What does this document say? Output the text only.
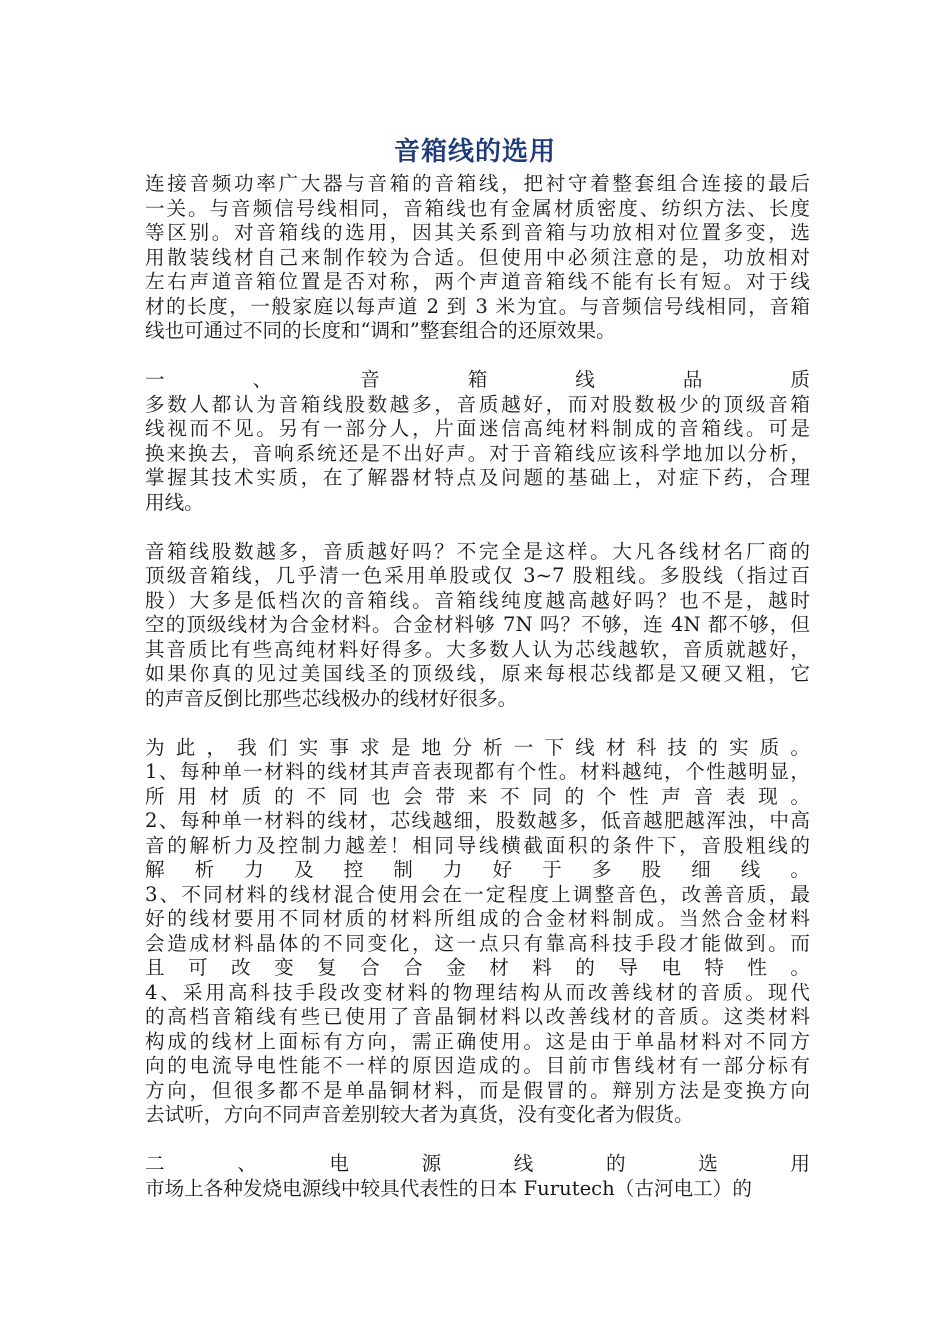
音箱线的选用
连接音频功率广大器与音箱的音箱线，把衬守着整套组合连接的最后
一关。与音频信号线相同，音箱线也有金属材质密度、纺织方法、长度
等区别。对音箱线的选用，因其关系到音箱与功放相对位置多变，选
用散装线材自己来制作较为合适。但使用中必须注意的是，功放相对
左右声道音箱位置是否对称，两个声道音箱线不能有长有短。对于线
材的长度，一般家庭以每声道 2 到 3 米为宜。与音频信号线相同，音箱
线也可通过不同的长度和“调和”整套组合的还原效果。
一、音箱线品质
多数人都认为音箱线股数越多，音质越好，而对股数极少的顶级音箱
线视而不见。另有一部分人，片面迷信高纯材料制成的音箱线。可是
换来换去，音响系统还是不出好声。对于音箱线应该科学地加以分析，
掌握其技术实质，在了解器材特点及问题的基础上，对症下药，合理
用线。
音箱线股数越多，音质越好吗？不完全是这样。大凡各线材名厂商的
顶级音箱线，几乎清一色采用单股或仅 3~7 股粗线。多股线（指过百
股）大多是低档次的音箱线。音箱线纯度越高越好吗？也不是，越时
空的顶级线材为合金材料。合金材料够 7N 吗？不够，连 4N 都不够，但
其音质比有些高纯材料好得多。大多数人认为芯线越软，音质就越好，
如果你真的见过美国线圣的顶级线，原来每根芯线都是又硬又粗，它
的声音反倒比那些芯线极办的线材好很多。
为此，我们实事求是地分析一下线材科技的实质。
1、每种单一材料的线材其声音表现都有个性。材料越纯，个性越明显，
所用材质的不同也会带来不同的个性声音表现。
2、每种单一材料的线材，芯线越细，股数越多，低音越肥越浑浊，中高
音的解析力及控制力越差！相同导线横截面积的条件下，音股粗线的
解析力及控制力好于多股细线。
3、不同材料的线材混合使用会在一定程度上调整音色，改善音质，最
好的线材要用不同材质的材料所组成的合金材料制成。当然合金材料
会造成材料晶体的不同变化，这一点只有靠高科技手段才能做到。而
且可改变复合合金材料的导电特性。
4、采用高科技手段改变材料的物理结构从而改善线材的音质。现代
的高档音箱线有些已使用了音晶铜材料以改善线材的音质。这类材料
构成的线材上面标有方向，需正确使用。这是由于单晶材料对不同方
向的电流导电性能不一样的原因造成的。目前市售线材有一部分标有
方向，但很多都不是单晶铜材料，而是假冒的。辩别方法是变换方向
去试听，方向不同声音差别较大者为真货，没有变化者为假货。
二、电源线的选用
市场上各种发烧电源线中较具代表性的日本 Furutech（古河电工）的
